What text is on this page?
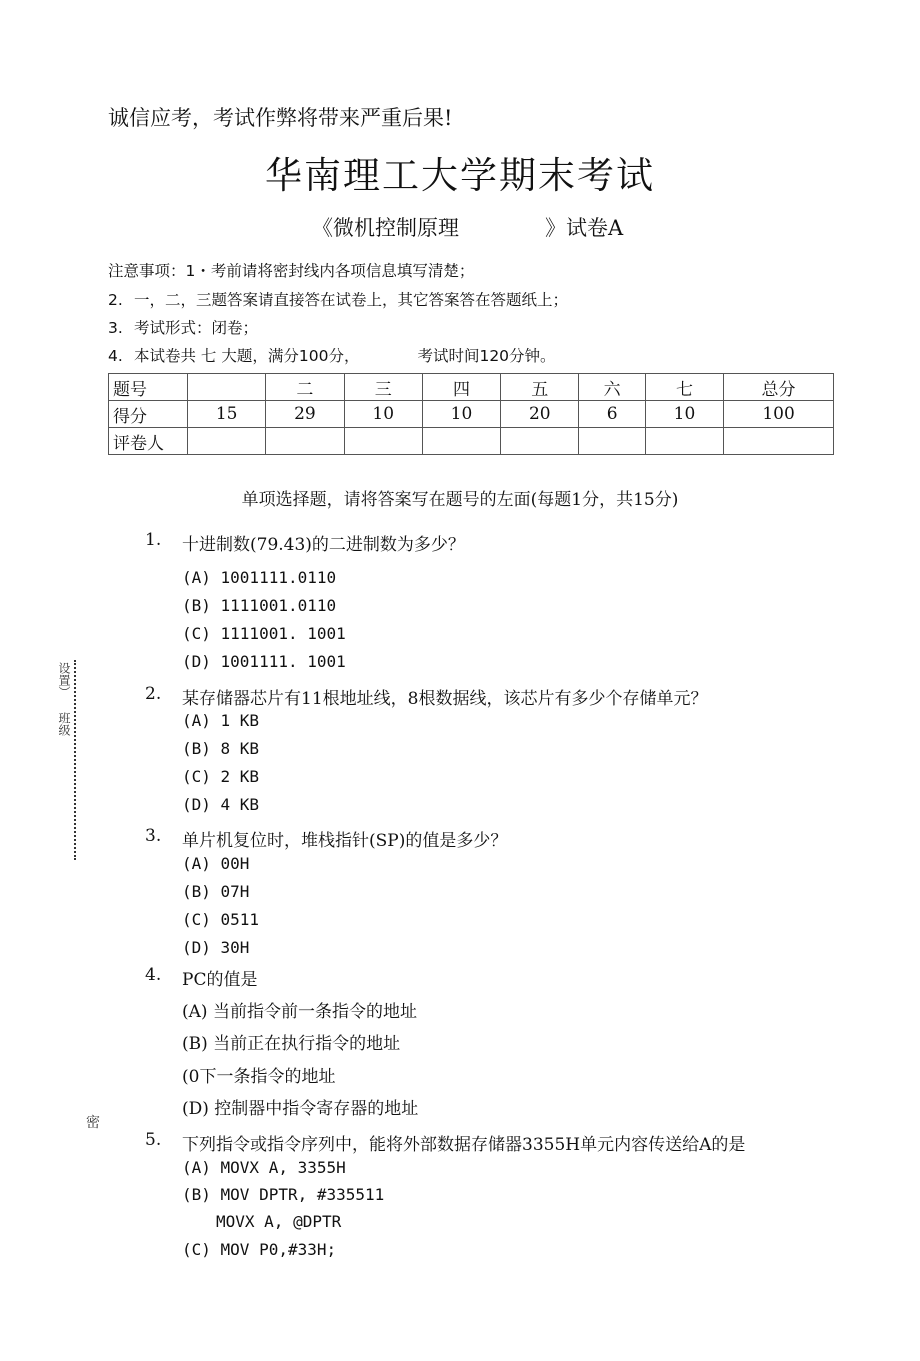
诚信应考，考试作弊将带来严重后果!
华南理工大学期末考试
《微机控制原理	》试卷A
注意事项：1・考前请将密封线内各项信息填写清楚；
2. 一，二，三题答案请直接答在试卷上，其它答案答在答题纸上；
3. 考试形式：闭卷；
4. 本试卷共 七 大题，满分100分，	考试时间120分钟。
题号		二	三	四	五	六	七	总分
得分	15	29	10	10	20	6	10	100
评卷人								
单项选择题，请将答案写在题号的左面(每题1分，共15分)
1. 十进制数(79.43)的二进制数为多少？
(A) 1001111.0110
(B) 1111001.0110
(C) 1111001. 1001
(D) 1001111. 1001
2. 某存储器芯片有11根地址线，8根数据线，该芯片有多少个存储单元？
(A) 1 KB
(B) 8 KB
(C) 2 KB
(D) 4 KB
3. 单片机复位时，堆栈指针(SP)的值是多少？
(A) 00H
(B) 07H
(C) 0511
(D) 30H
4. PC的值是
(A) 当前指令前一条指令的地址
(B) 当前正在执行指令的地址
(0下一条指令的地址
(D) 控制器中指令寄存器的地址
5. 下列指令或指令序列中，能将外部数据存储器3355H单元内容传送给A的是
(A) MOVX A, 3355H
(B) MOV DPTR, #335511
MOVX A, @DPTR
(C) MOV P0,#33H;
设置）
班级
密
